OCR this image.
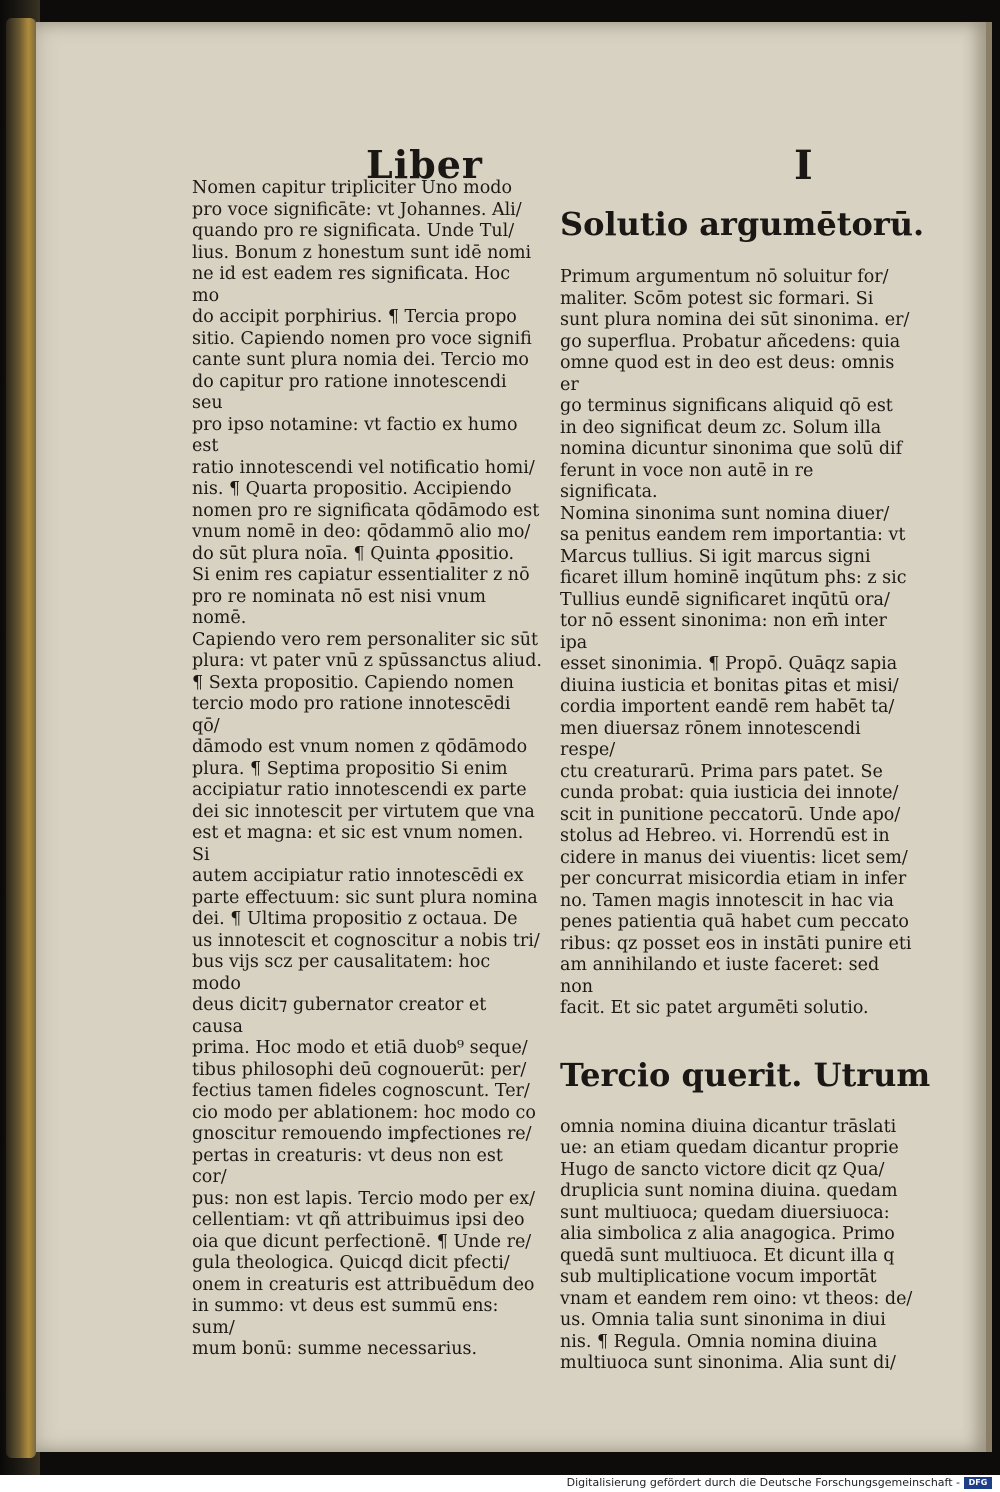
Liber	I
Nomen capitur tripliciter Uno modo
pro voce significāte: vt Johannes. Ali/
quando pro re significata. Unde Tul/
lius. Bonum z honestum sunt idē nomi
ne id est eadem res significata. Hoc mo
do accipit porphirius. ¶ Tercia propo
sitio. Capiendo nomen pro voce signifi
cante sunt plura nomia dei. Tercio mo
do capitur pro ratione innotescendi seu
pro ipso notamine: vt factio ex humo est
ratio innotescendi vel notificatio homi/
nis. ¶ Quarta propositio. Accipiendo
nomen pro re significata qōdāmodo est
vnum nomē in deo: qōdammō alio mo/
do sūt plura noīa. ¶ Quinta ꝓpositio.
Si enim res capiatur essentialiter z nō
pro re nominata nō est nisi vnum nomē.
Capiendo vero rem personaliter sic sūt
plura: vt pater vnū z spūssanctus aliud.
¶ Sexta propositio. Capiendo nomen
tercio modo pro ratione innotescēdi qō/
dāmodo est vnum nomen z qōdāmodo
plura. ¶ Septima propositio Si enim
accipiatur ratio innotescendi ex parte
dei sic innotescit per virtutem que vna
est et magna: et sic est vnum nomen. Si
autem accipiatur ratio innotescēdi ex
parte effectuum: sic sunt plura nomina
dei. ¶ Ultima propositio z octaua. De
us innotescit et cognoscitur a nobis tri/
bus vijs scz per causalitatem: hoc modo
deus dicit⁊ gubernator creator et causa
prima. Hoc modo et etiā duob⁹ seque/
tibus philosophi deū cognouerūt: per/
fectius tamen fideles cognoscunt. Ter/
cio modo per ablationem: hoc modo co
gnoscitur remouendo imꝑfectiones re/
pertas in creaturis: vt deus non est cor/
pus: non est lapis. Tercio modo per ex/
cellentiam: vt qñ attribuimus ipsi deo
oia que dicunt perfectionē. ¶ Unde re/
gula theologica. Quicqd dicit pfecti/
onem in creaturis est attribuēdum deo
in summo: vt deus est summū ens: sum/
mum bonū: summe necessarius.

Solutio argumētorū.

Primum argumentum nō soluitur for/
maliter. Scōm potest sic formari. Si
sunt plura nomina dei sūt sinonima. er/
go superflua. Probatur añcedens: quia
omne quod est in deo est deus: omnis er
go terminus significans aliquid qō est
in deo significat deum zc. Solum illa
nomina dicuntur sinonima que solū dif
ferunt in voce non autē in re significata.
Nomina sinonima sunt nomina diuer/
sa penitus eandem rem importantia: vt
Marcus tullius. Si igit marcus signi
ficaret illum hominē inqūtum phs: z sic
Tullius eundē significaret inqūtū ora/
tor nō essent sinonima: non em̄ inter ipa
esset sinonimia. ¶ Propō. Quāqz sapia
diuina iusticia et bonitas ꝑitas et misi/
cordia importent eandē rem habēt ta/
men diuersaz rōnem innotescendi respe/
ctu creaturarū. Prima pars patet. Se
cunda probat: quia iusticia dei innote/
scit in punitione peccatorū. Unde apo/
stolus ad Hebreo. vi. Horrendū est in
cidere in manus dei viuentis: licet sem/
per concurrat misicordia etiam in infer
no. Tamen magis innotescit in hac via
penes patientia quā habet cum peccato
ribus: qz posset eos in instāti punire eti
am annihilando et iuste faceret: sed non
facit. Et sic patet argumēti solutio.

Tercio querit. Utrum

omnia nomina diuina dicantur trāslati
ue: an etiam quedam dicantur proprie
Hugo de sancto victore dicit qz Qua/
druplicia sunt nomina diuina. quedam
sunt multiuoca; quedam diuersiuoca:
alia simbolica z alia anagogica. Primo
quedā sunt multiuoca. Et dicunt illa q
sub multiplicatione vocum importāt
vnam et eandem rem oino: vt theos: de/
us. Omnia talia sunt sinonima in diui
nis. ¶ Regula. Omnia nomina diuina
multiuoca sunt sinonima. Alia sunt di/

Digitalisierung gefördert durch die Deutsche Forschungsgemeinschaft -	DFG
